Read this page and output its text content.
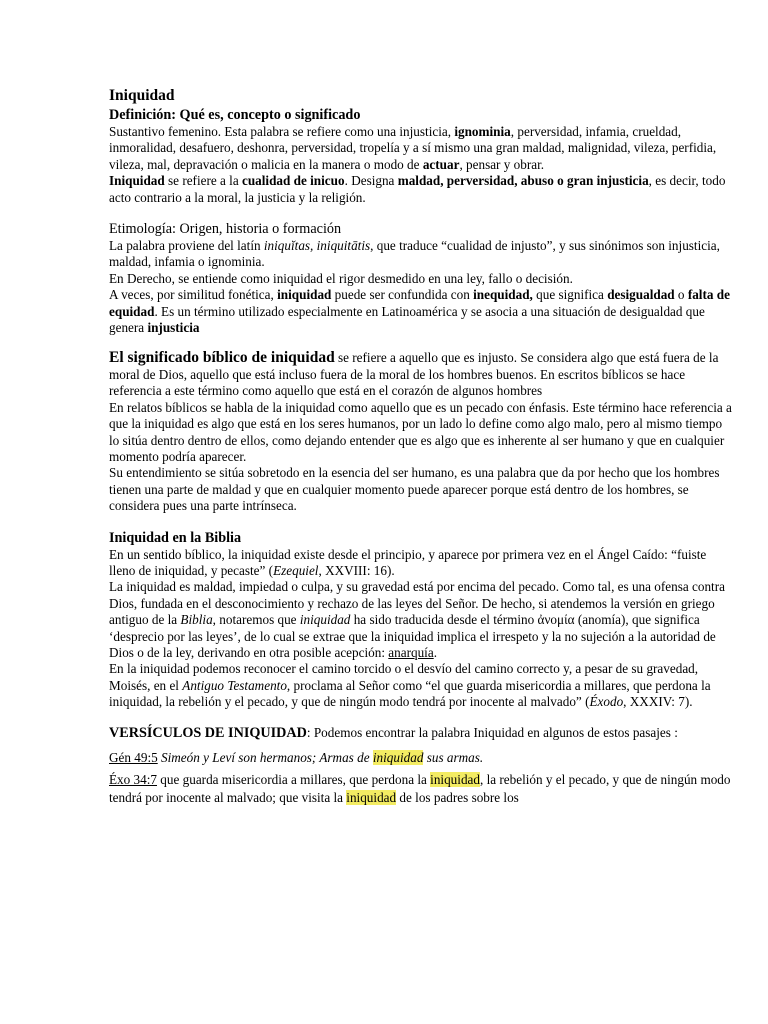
Iniquidad

Definición: Qué es, concepto o significado

Sustantivo femenino. Esta palabra se refiere como una injusticia, ignominia, perversidad, infamia, crueldad, inmoralidad, desafuero, deshonra, perversidad, tropelía y a sí mismo una gran maldad, malignidad, vileza, perfidia, vileza, mal, depravación o malicia en la manera o modo de actuar, pensar y obrar.

Iniquidad se refiere a la cualidad de inicuo. Designa maldad, perversidad, abuso o gran injusticia, es decir, todo acto contrario a la moral, la justicia y la religión.

Etimología: Origen, historia o formación

La palabra proviene del latín iniquĭtas, iniquitātis, que traduce “cualidad de injusto”, y sus sinónimos son injusticia, maldad, infamia o ignominia.

En Derecho, se entiende como iniquidad el rigor desmedido en una ley, fallo o decisión.

A veces, por similitud fonética, iniquidad puede ser confundida con inequidad, que significa desigualdad o falta de equidad. Es un término utilizado especialmente en Latinoamérica y se asocia a una situación de desigualdad que genera injusticia

El significado bíblico de iniquidad se refiere a aquello que es injusto. Se considera algo que está fuera de la moral de Dios, aquello que está incluso fuera de la moral de los hombres buenos. En escritos bíblicos se hace referencia a este término como aquello que está en el corazón de algunos hombres

En relatos bíblicos se habla de la iniquidad como aquello que es un pecado con énfasis. Este término hace referencia a que la iniquidad es algo que está en los seres humanos, por un lado lo define como algo malo, pero al mismo tiempo lo sitúa dentro dentro de ellos, como dejando entender que es algo que es inherente al ser humano y que en cualquier momento podría aparecer.

Su entendimiento se sitúa sobretodo en la esencia del ser humano, es una palabra que da por hecho que los hombres tienen una parte de maldad y que en cualquier momento puede aparecer porque está dentro de los hombres, se considera pues una parte intrínseca.

Iniquidad en la Biblia

En un sentido bíblico, la iniquidad existe desde el principio, y aparece por primera vez en el Ángel Caído: “fuiste lleno de iniquidad, y pecaste” (Ezequiel, XXVIII: 16).

La iniquidad es maldad, impiedad o culpa, y su gravedad está por encima del pecado. Como tal, es una ofensa contra Dios, fundada en el desconocimiento y rechazo de las leyes del Señor. De hecho, si atendemos la versión en griego antiguo de la Biblia, notaremos que iniquidad ha sido traducida desde el término ἀνομία (anomía), que significa ‘desprecio por las leyes’, de lo cual se extrae que la iniquidad implica el irrespeto y la no sujeción a la autoridad de Dios o de la ley, derivando en otra posible acepción: anarquía.

En la iniquidad podemos reconocer el camino torcido o el desvío del camino correcto y, a pesar de su gravedad, Moisés, en el Antiguo Testamento, proclama al Señor como “el que guarda misericordia a millares, que perdona la iniquidad, la rebelión y el pecado, y que de ningún modo tendrá por inocente al malvado” (Éxodo, XXXIV: 7).

VERSÍCULOS DE INIQUIDAD: Podemos encontrar la palabra Iniquidad en algunos de estos pasajes :

Gén 49:5 Simeón y Leví son hermanos; Armas de iniquidad sus armas.

Éxo 34:7 que guarda misericordia a millares, que perdona la iniquidad, la rebelión y el pecado, y que de ningún modo tendrá por inocente al malvado; que visita la iniquidad de los padres sobre los
